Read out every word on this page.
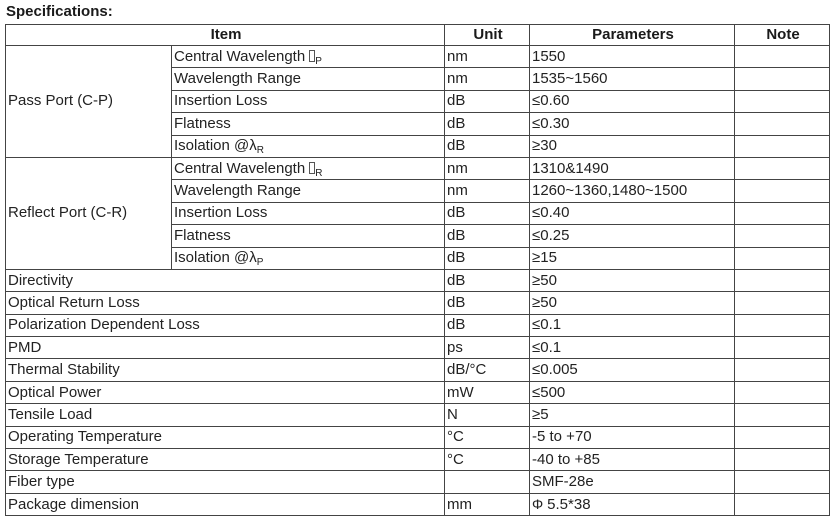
Specifications:
Item		Unit	Parameters	Note
Pass Port (C-P)	Central Wavelength $_P$	nm	1550	
	Wavelength Range	nm	1535~1560	
	Insertion Loss	dB	≤0.60	
	Flatness	dB	≤0.30	
	Isolation $@\lambda_R$	dB	≥30	
Reflect Port (C-R)	Central Wavelength $_R$	nm	1310&1490	
	Wavelength Range	nm	1260~1360,1480~1500	
	Insertion Loss	dB	≤0.40	
	Flatness	dB	≤0.25	
	Isolation $@\lambda_P$	dB	≥15	
Directivity		dB	≥50	
Optical Return Loss		dB	≥50	
Polarization Dependent Loss		dB	≤0.1	
PMD		ps	≤0.1	
Thermal Stability		dB/°C	≤0.005	
Optical Power		mW	≤500	
Tensile Load		N	≥5	
Operating Temperature		°C	-5 to +70	
Storage Temperature		°C	-40 to +85	
Fiber type			SMF-28e	
Package dimension		mm	Φ 5.5*38	
